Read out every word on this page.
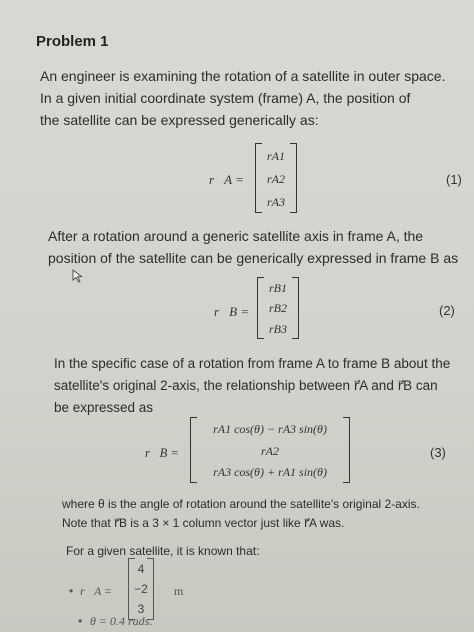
Problem 1
An engineer is examining the rotation of a satellite in outer space.
In a given initial coordinate system (frame) A, the position of
the satellite can be expressed generically as:
r⃗A =
rA1
rA2
rA3
(1)
After a rotation around a generic satellite axis in frame A, the
position of the satellite can be generically expressed in frame B as
r⃗B =
rB1
rB2
rB3
(2)
In the specific case of a rotation from frame A to frame B about the
satellite's original 2-axis, the relationship between r⃗A and r⃗B can
be expressed as
r⃗B =
rA1 cos(θ) − rA3 sin(θ)
rA2
rA3 cos(θ) + rA1 sin(θ)
(3)
where θ is the angle of rotation around the satellite's original 2-axis.
Note that r⃗B is a 3 × 1 column vector just like r⃗A was.
For a given satellite, it is known that:
• r⃗A =
4
−2
3
m
• θ = 0.4 rads.
